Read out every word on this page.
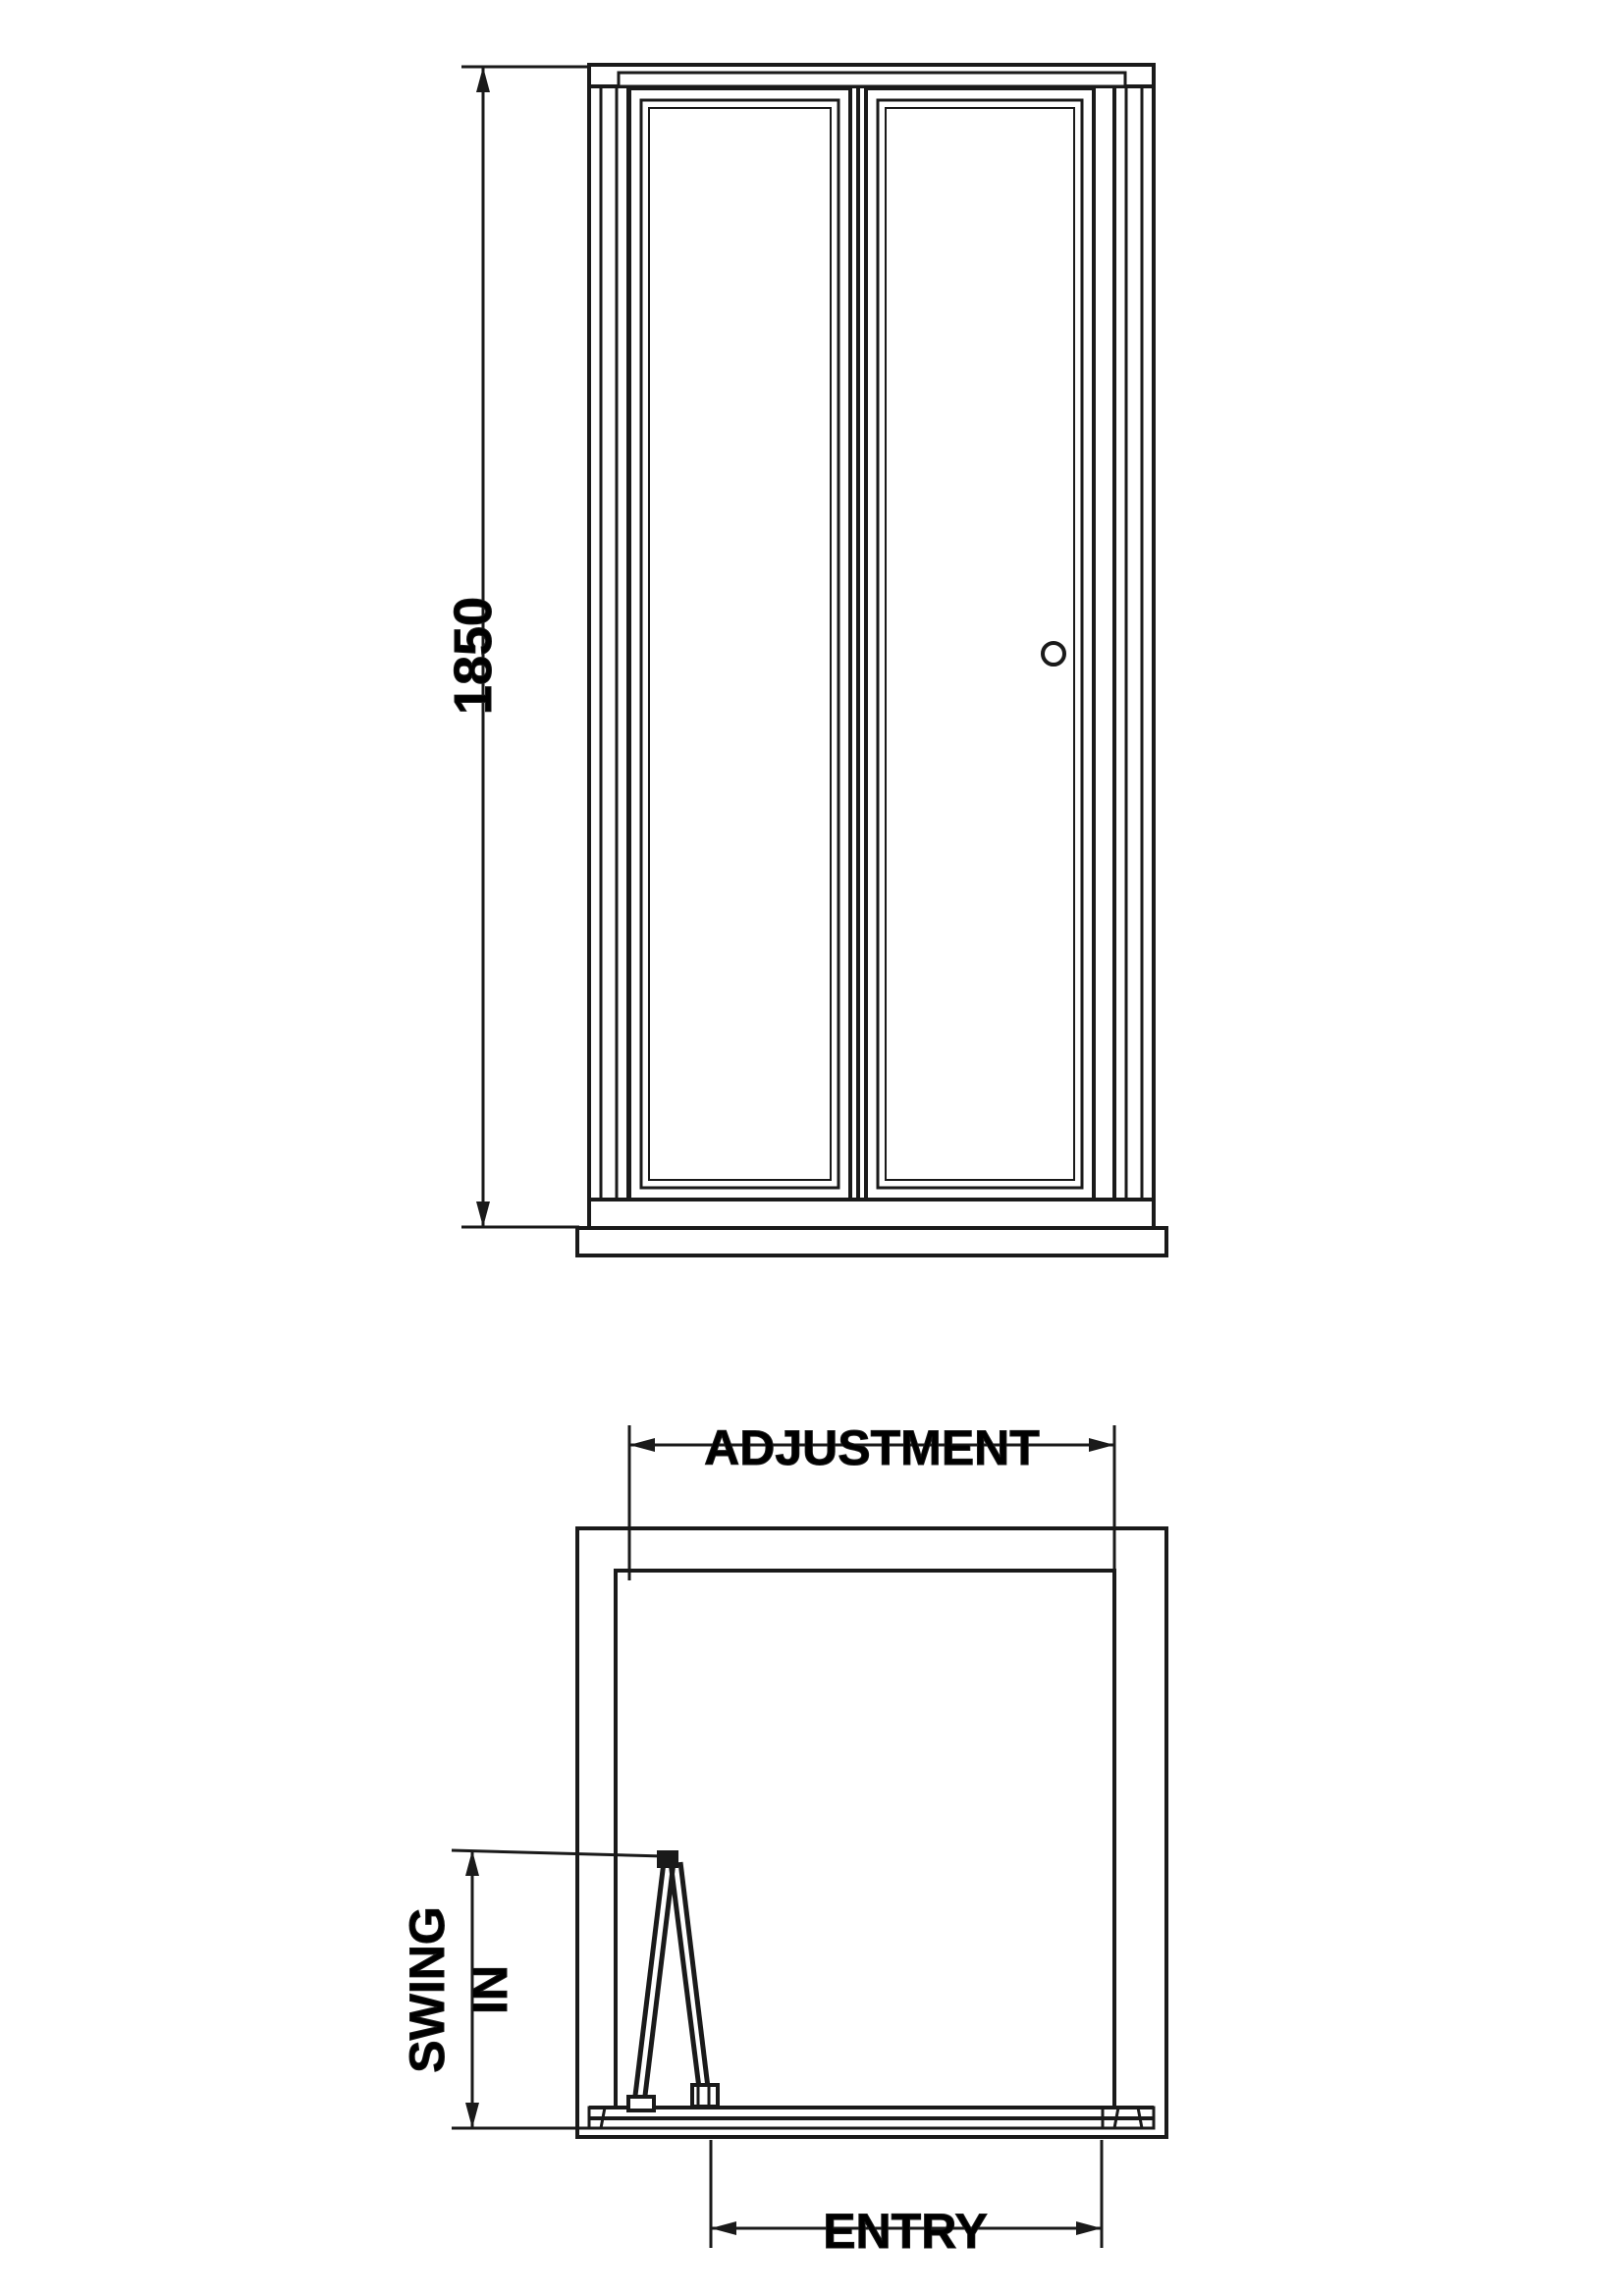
1850
ADJUSTMENT
SWING IN
ENTRY
